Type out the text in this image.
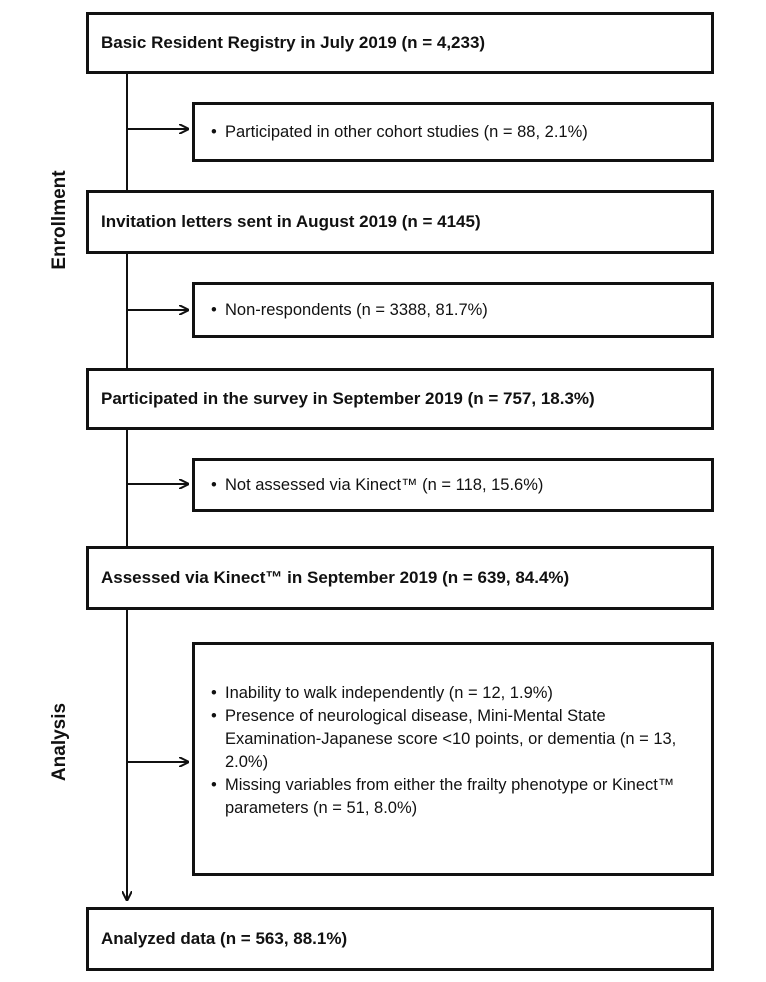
Enrollment
Analysis
Basic Resident Registry in July 2019 (n = 4,233)
Invitation letters sent in August 2019 (n = 4145)
Participated in the survey in September 2019 (n = 757, 18.3%)
Assessed via Kinect™ in September 2019 (n = 639, 84.4%)
Analyzed data (n = 563, 88.1%)
• Participated in other cohort studies (n = 88, 2.1%)
• Non-respondents (n = 3388, 81.7%)
• Not assessed via Kinect™ (n = 118, 15.6%)
• Inability to walk independently (n = 12, 1.9%)
• Presence of neurological disease, Mini-Mental State Examination-Japanese score <10 points, or dementia (n = 13, 2.0%)
• Missing variables from either the frailty phenotype or Kinect™ parameters (n = 51, 8.0%)
